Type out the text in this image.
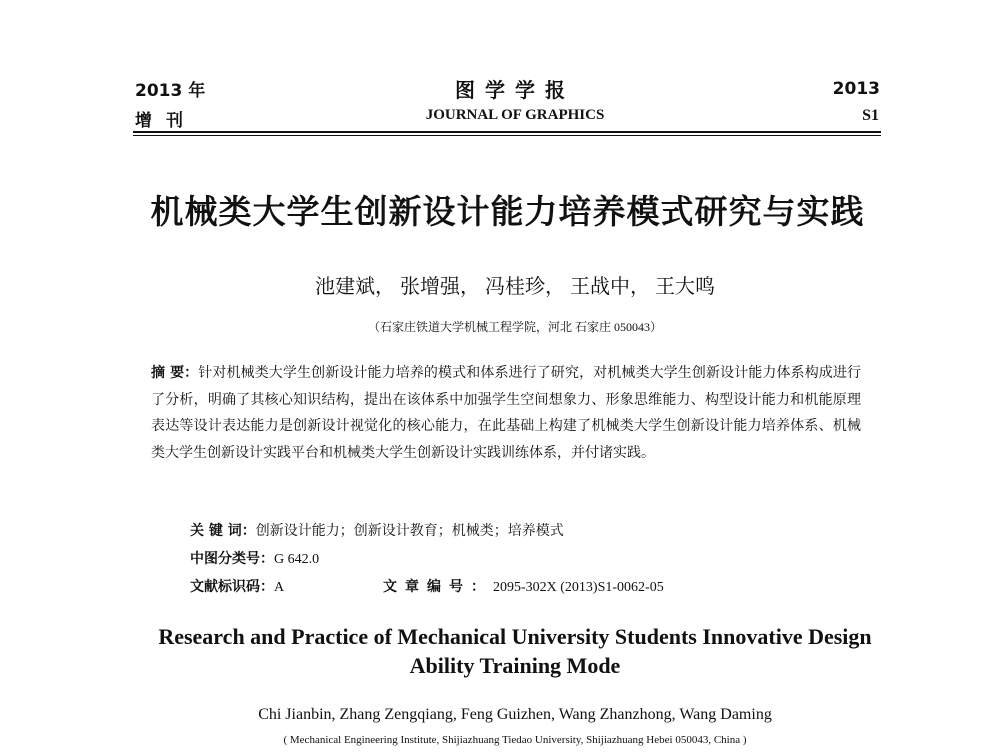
2013 年
增刊
图学学报
JOURNAL OF GRAPHICS
2013
S1
机械类大学生创新设计能力培养模式研究与实践
池建斌， 张增强， 冯桂珍， 王战中， 王大鸣
（石家庄铁道大学机械工程学院，河北 石家庄 050043）
摘 要：针对机械类大学生创新设计能力培养的模式和体系进行了研究，对机械类大学生创新设计能力体系构成进行了分析，明确了其核心知识结构，提出在该体系中加强学生空间想象力、形象思维能力、构型设计能力和机能原理表达等设计表达能力是创新设计视觉化的核心能力，在此基础上构建了机械类大学生创新设计能力培养体系、机械类大学生创新设计实践平台和机械类大学生创新设计实践训练体系，并付诸实践。
关 键 词：创新设计能力；创新设计教育；机械类；培养模式
中图分类号：G 642.0
文献标识码：A	文章编号：2095-302X (2013)S1-0062-05
Research and Practice of Mechanical University Students Innovative Design Ability Training Mode
Chi Jianbin, Zhang Zengqiang, Feng Guizhen, Wang Zhanzhong, Wang Daming
( Mechanical Engineering Institute, Shijiazhuang Tiedao University, Shijiazhuang Hebei 050043, China )
